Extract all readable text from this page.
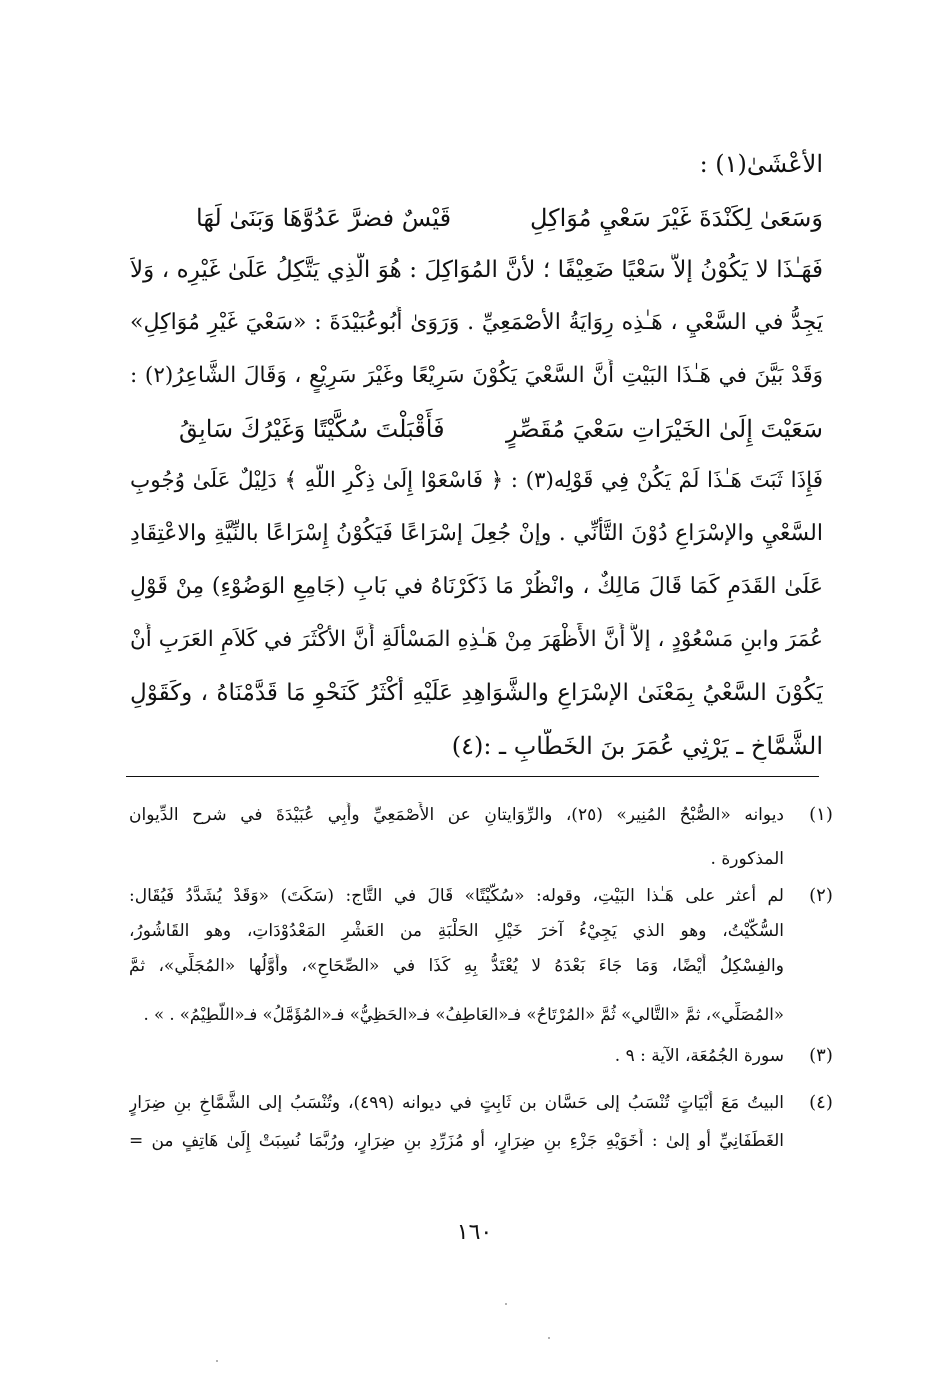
الأعْشَىٰ(١) :
وَسَعَىٰ لِكَنْدَةَ غَيْرَ سَعْيِ مُوَاكِلِ
قَيْسٌ فضرَّ عَدُوَّهَا وَبَنَىٰ لَهَا
فَهَـٰذَا لا يَكُوْنُ إلاَّ سَعْيًا ضَعِيْفًا ؛ لأنَّ المُوَاكِلَ : هُوَ الَّذِي يَتَّكِلُ عَلَىٰ غَيْرِه ، وَلاَ
يَجِدُّ في السَّعْيِ ، هَـٰذِه رِوَايَةُ الأصْمَعِيِّ . وَرَوَىٰ أَبُوعُبَيْدَةَ : «سَعْيَ غَيْرِ مُوَاكِلِ»
وَقَدْ بَيَّنَ في هَـٰذَا البَيْتِ أَنَّ السَّعْيَ يَكُوْنَ سَرِيْعًا وغَيْرَ سَرِيْعٍ ، وَقَالَ الشَّاعِرُ(٢) :
سَعَيْتَ إِلَىٰ الخَيْرَاتِ سَعْيَ مُقَصِّرٍ
فَأَقْبَلْتَ سُكَّيْتًا وَغَيْرُكَ سَابِقُ
فَإِذَا ثَبَتَ هَـٰذَا لَمْ يَكُنْ فِي قَوْلِه(٣) : ﴿ فَاسْعَوْا إِلَىٰ ذِكْرِ اللَّهِ ﴾ دَلِيْلٌ عَلَىٰ وُجُوبِ
السَّعْيِ والإسْرَاعِ دُوْنَ التَّأَنِّي . وإنْ جُعِلَ إسْرَاعًا فَيَكُوْنُ إِسْرَاعًا بالنِّيَّةِ والاعْتِقَادِ
عَلَىٰ القَدَمِ كَمَا قَالَ مَالِكٌ ، وانْظُرْ مَا ذَكَرْنَاهُ في بَابِ (جَامِعِ الوَضُوْءِ) مِنْ قَوْلِ
عُمَرَ وابنِ مَسْعُوْدٍ ، إلاَّ أَنَّ الأَظْهَرَ مِنْ هَـٰذِهِ المَسْأَلَةِ أَنَّ الأكْثَرَ في كَلاَمِ العَرَبِ أَنْ
يَكُوْنَ السَّعْيُ بِمَعْنَىٰ الإسْرَاعِ والشَّوَاهِدِ عَلَيْهِ أَكْثَرُ كَنَحْوِ مَا قَدَّمْنَاهُ ، وكَقَوْلِ
الشَّمَّاخِ ـ يَرْثِي عُمَرَ بنَ الخَطَّابِ ـ :(٤)
(١)
ديوانه «الصُّبْحُ المُنِير» (٢٥)، والرِّوَايتانِ عن الأَصْمَعِيِّ وأَبِي عُبَيْدَةَ في شرح الدِّيوان
المذكورة .
(٢)
لم أعثر على هَـٰذا البَيْتِ، وقوله: «سُكَّيْتًا» قَالَ في التَّاج: (سَكَتَ) «وَقَدْ يُشَدَّدُ فَيُقَال:
السُّكَّيْتُ، وهو الذي يَجِيْءُ آخرَ خَيْلِ الحَلْبَةِ من العَشْرِ المَعْدُوْدَاتِ، وهو القَاشُورُ،
والفِسْكِلُ أَيْضًا، وَمَا جَاءَ بَعْدَهُ لا يُعْتَدُّ بِهِ كَذَا في «الصِّحَاحِ»، وأَوَّلُها «المُجَلِّي»، ثمَّ
«المُصَلِّي»، ثمَّ «التَّالي» ثُمَّ «المُرْتَاحُ» فـ«العَاطِفُ» فـ«الحَظِيُّ» فـ«المُؤَمَّلُ» فـ«اللَّطِيْمُ» . » .
(٣)
سورة الجُمُعَة، الآية : ٩ .
(٤)
البيتُ مَعَ أَبْيَاتٍ تُنْسَبُ إلى حَسَّان بن ثَابِتٍ في ديوانه (٤٩٩)، وتُنْسَبُ إلى الشَّمَّاخِ بنِ ضِرَارٍ
الغَطَفَانِيِّ أو إلىٰ : أَخَوَيْهِ جَزْءِ بنِ ضِرَارٍ، أو مُزَرِّدِ بنِ ضِرَارٍ، ورُبَّمَا نُسِبَتْ إِلَىٰ هَاتِفٍ من =
١٦٠
